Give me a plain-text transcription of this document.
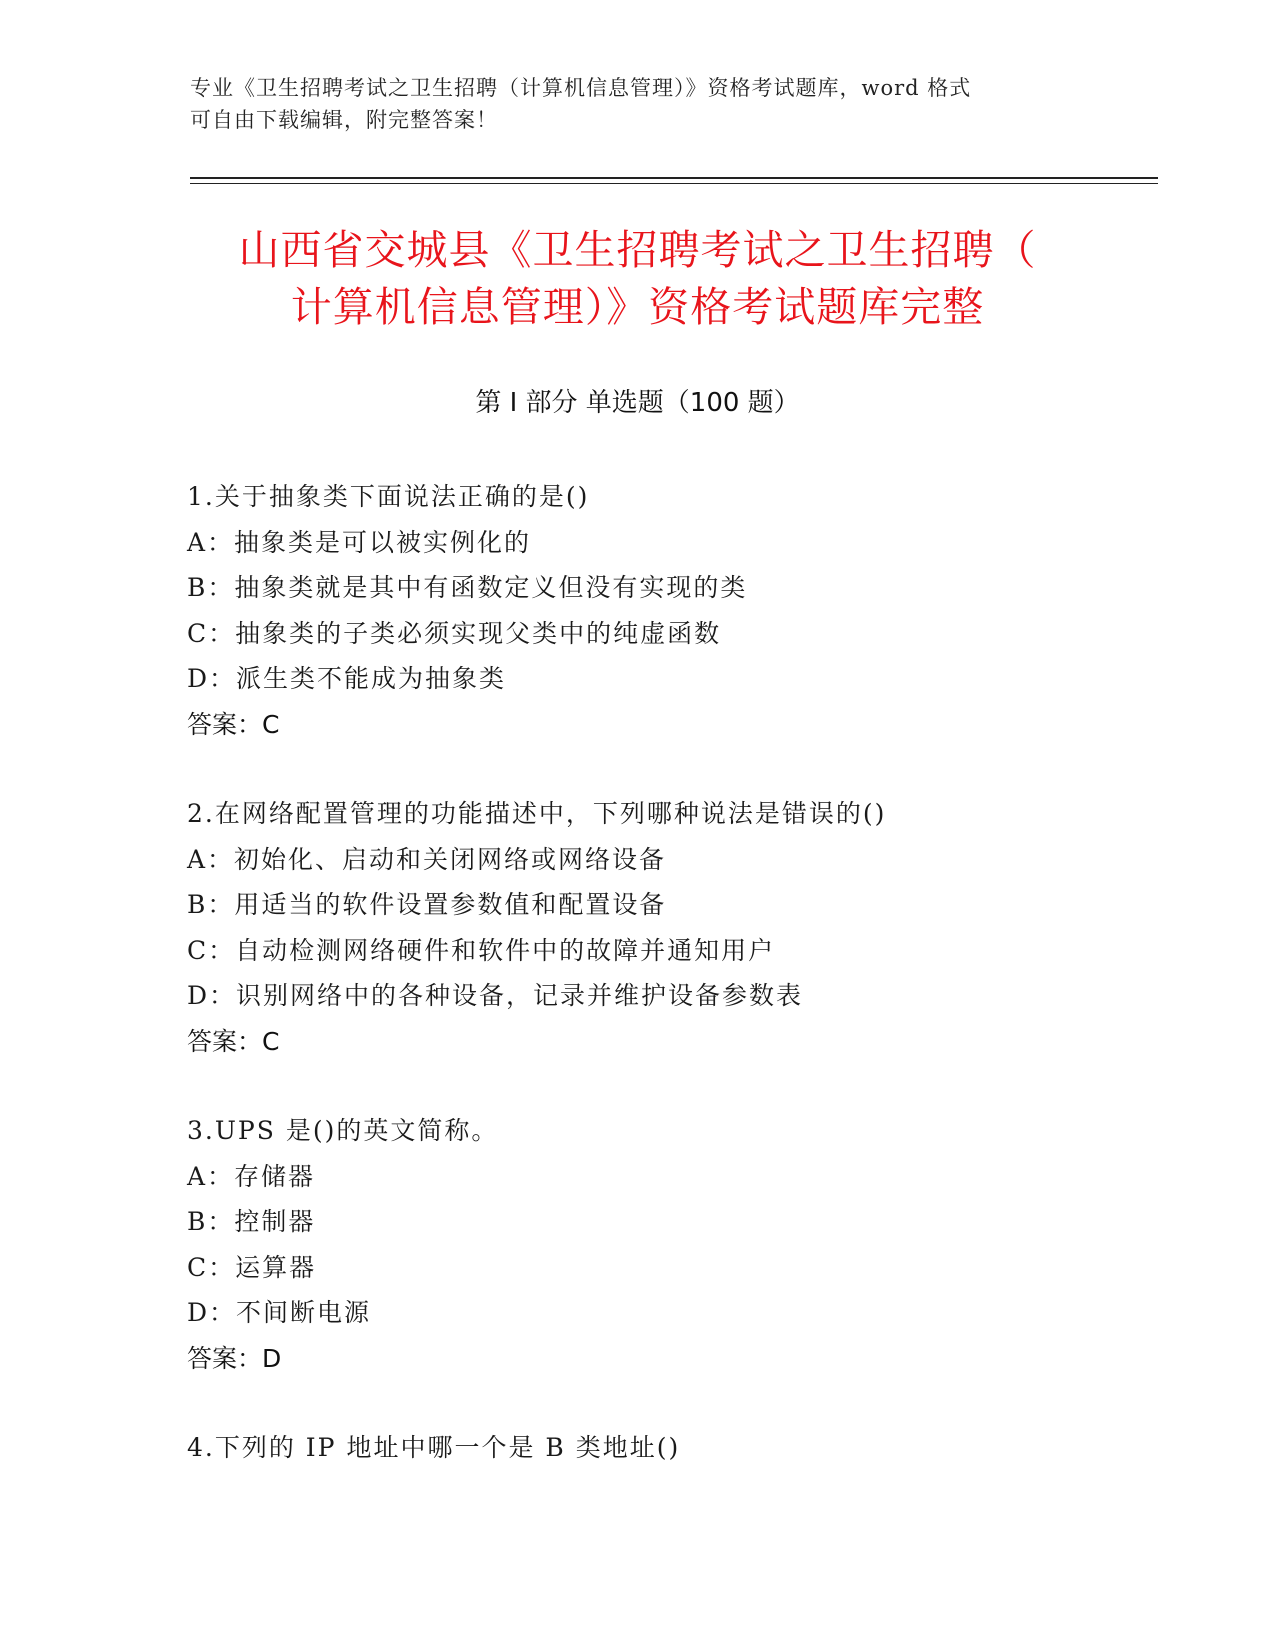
专业《卫生招聘考试之卫生招聘（计算机信息管理）》资格考试题库，word 格式
可自由下载编辑，附完整答案！
山西省交城县《卫生招聘考试之卫生招聘（
计算机信息管理）》资格考试题库完整
第 I 部分 单选题（100 题）
1.关于抽象类下面说法正确的是()
A：抽象类是可以被实例化的
B：抽象类就是其中有函数定义但没有实现的类
C：抽象类的子类必须实现父类中的纯虚函数
D：派生类不能成为抽象类
答案：C
2.在网络配置管理的功能描述中，下列哪种说法是错误的()
A：初始化、启动和关闭网络或网络设备
B：用适当的软件设置参数值和配置设备
C：自动检测网络硬件和软件中的故障并通知用户
D：识别网络中的各种设备，记录并维护设备参数表
答案：C
3.UPS 是()的英文简称。
A：存储器
B：控制器
C：运算器
D：不间断电源
答案：D
4.下列的 IP 地址中哪一个是 B 类地址()
